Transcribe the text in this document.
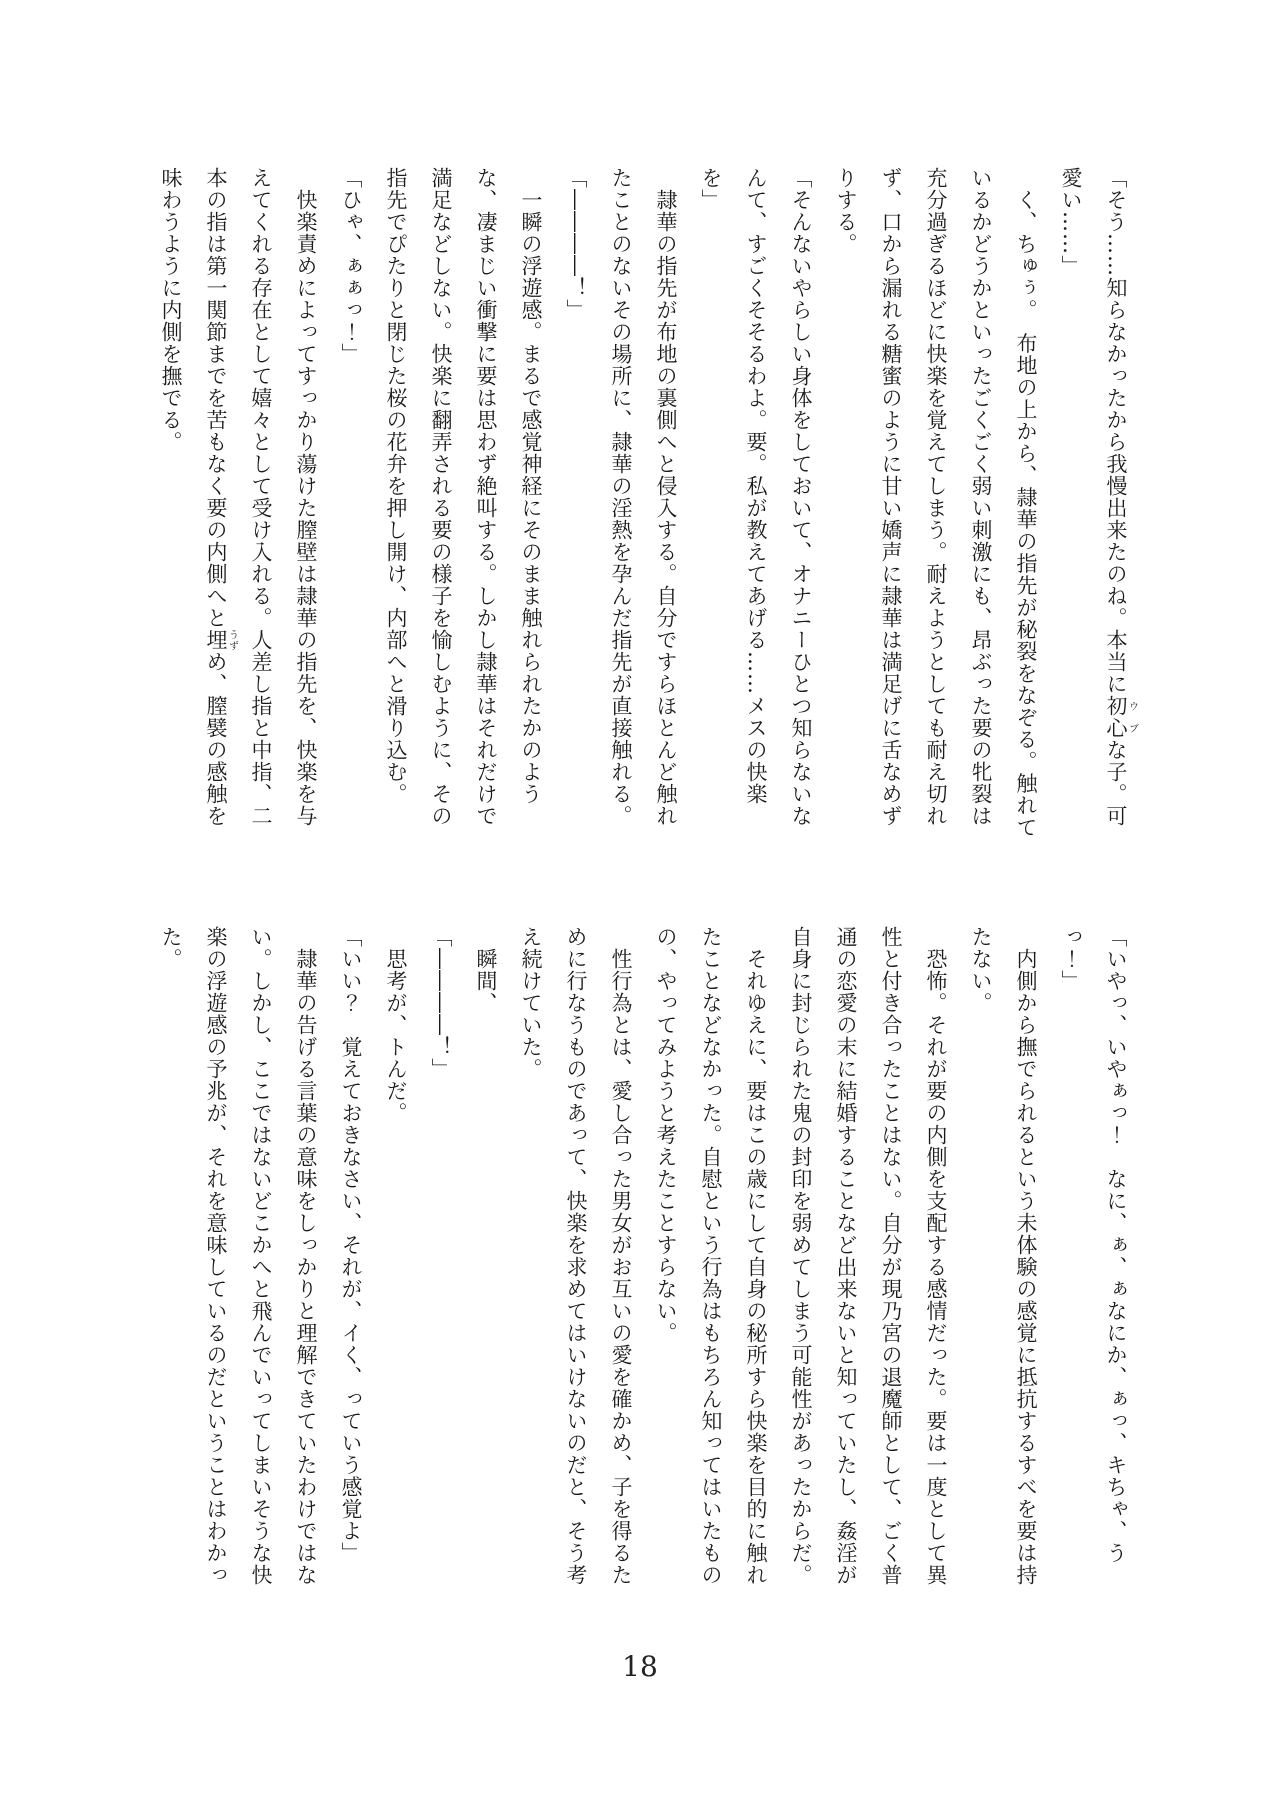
「そう……知らなかったから我慢出来たのね。本当に初心ウブな子。可

愛い……」

く、ちゅぅ。　布地の上から、隷華の指先が秘裂をなぞる。触れて

いるかどうかといったごくごく弱い刺激にも、昂ぶった要の牝裂は

充分過ぎるほどに快楽を覚えてしまう。耐えようとしても耐え切れ

ず、口から漏れる糖蜜のように甘い嬌声に隷華は満足げに舌なめず

りする。

「そんないやらしい身体をしておいて、オナニーひとつ知らないな

んて、すごくそそるわよ。要。私が教えてあげる……メスの快楽

を」

隷華の指先が布地の裏側へと侵入する。自分ですらほとんど触れ

たことのないその場所に、隷華の淫熱を孕んだ指先が直接触れる。

「――――！」

一瞬の浮遊感。まるで感覚神経にそのまま触れられたかのよう

な、凄まじい衝撃に要は思わず絶叫する。しかし隷華はそれだけで

満足などしない。快楽に翻弄される要の様子を愉しむように、その

指先でぴたりと閉じた桜の花弁を押し開け、内部へと滑り込む。

「ひゃ、ぁぁっ！」

快楽責めによってすっかり蕩けた膣壁は隷華の指先を、快楽を与

えてくれる存在として嬉々として受け入れる。人差し指と中指、二

本の指は第一関節までを苦もなく要の内側へと埋うずめ、膣襞の感触を

味わうように内側を撫でる。

「いやっ、いやぁっ！　なに、ぁ、ぁなにか、ぁっ、キちゃ、う

っ！」

内側から撫でられるという未体験の感覚に抵抗するすべを要は持

たない。

恐怖。それが要の内側を支配する感情だった。要は一度として異

性と付き合ったことはない。自分が現乃宮の退魔師として、ごく普

通の恋愛の末に結婚することなど出来ないと知っていたし、姦淫が

自身に封じられた鬼の封印を弱めてしまう可能性があったからだ。

それゆえに、要はこの歳にして自身の秘所すら快楽を目的に触れ

たことなどなかった。自慰という行為はもちろん知ってはいたもの

の、やってみようと考えたことすらない。

性行為とは、愛し合った男女がお互いの愛を確かめ、子を得るた

めに行なうものであって、快楽を求めてはいけないのだと、そう考

え続けていた。

瞬間、

「――――！」

思考が、トんだ。

「いい？　覚えておきなさい、それが、イく、っていう感覚よ」

隷華の告げる言葉の意味をしっかりと理解できていたわけではな

い。しかし、ここではないどこかへと飛んでいってしまいそうな快

楽の浮遊感の予兆が、それを意味しているのだということはわかっ

た。

18
